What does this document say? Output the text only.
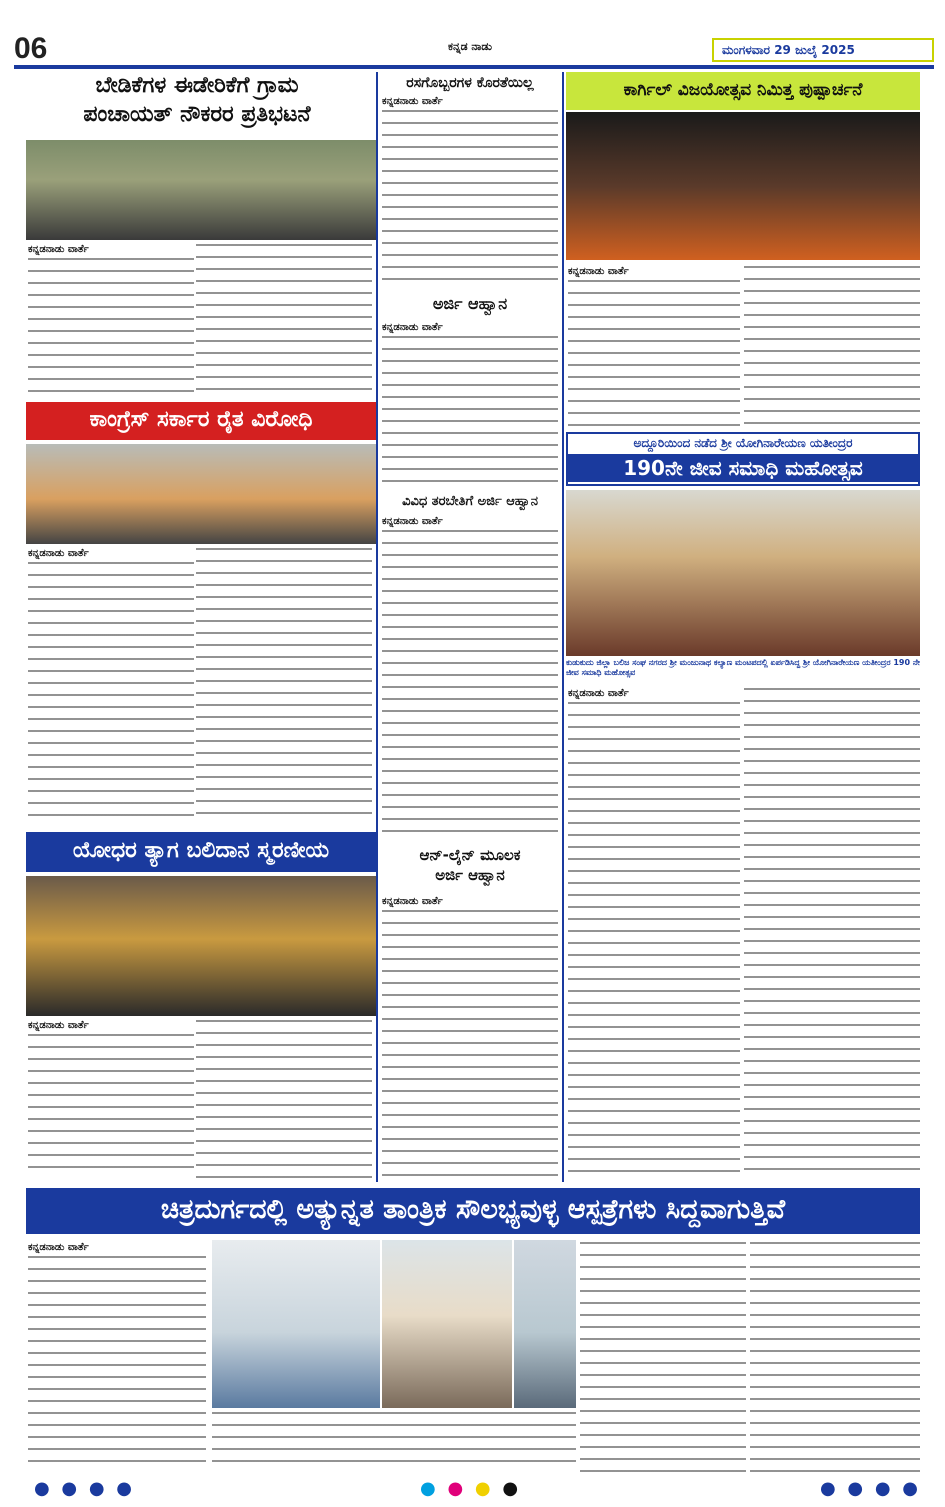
06	ಕನ್ನಡ ನಾಡು	ಮಂಗಳವಾರ 29 ಜುಲೈ 2025
ಬೇಡಿಕೆಗಳ ಈಡೇರಿಕೆಗೆ ಗ್ರಾಮ
ಪಂಚಾಯತ್ ನೌಕರರ ಪ್ರತಿಭಟನೆ
ಕನ್ನಡನಾಡು ವಾರ್ತೆ
ಕಾಂಗ್ರೆಸ್ ಸರ್ಕಾರ ರೈತ ವಿರೋಧಿ
ಕನ್ನಡನಾಡು ವಾರ್ತೆ
ಯೋಧರ ತ್ಯಾಗ ಬಲಿದಾನ ಸ್ಮರಣೀಯ
ಕನ್ನಡನಾಡು ವಾರ್ತೆ
ರಸಗೊಬ್ಬರಗಳ ಕೊರತೆಯಿಲ್ಲ
ಕನ್ನಡನಾಡು ವಾರ್ತೆ
ಅರ್ಜಿ ಆಹ್ವಾನ
ಕನ್ನಡನಾಡು ವಾರ್ತೆ
ವಿವಿಧ ತರಬೇತಿಗೆ ಅರ್ಜಿ ಆಹ್ವಾನ
ಕನ್ನಡನಾಡು ವಾರ್ತೆ
ಆನ್-ಲೈನ್ ಮೂಲಕ
ಅರ್ಜಿ ಆಹ್ವಾನ
ಕನ್ನಡನಾಡು ವಾರ್ತೆ
ಕಾರ್ಗಿಲ್ ವಿಜಯೋತ್ಸವ ನಿಮಿತ್ತ ಪುಷ್ಪಾರ್ಚನೆ
ಕನ್ನಡನಾಡು ವಾರ್ತೆ
ಅದ್ದೂರಿಯಿಂದ ನಡೆದ ಶ್ರೀ ಯೋಗಿನಾರೇಯಣ ಯತೀಂದ್ರರ
190ನೇ ಜೀವ ಸಮಾಧಿ ಮಹೋತ್ಸವ
ಕುಡುಕುದು ಜಿಲ್ಲಾ ಬಲಿಜ ಸಂಘ ನಗರದ ಶ್ರೀ ಮಂಜುನಾಥ ಕಲ್ಯಾಣ ಮಂಟಪದಲ್ಲಿ ಏರ್ಪಡಿಸಿದ್ದ ಶ್ರೀ ಯೋಗಿನಾರೇಯಣ ಯತೀಂದ್ರರ 190 ನೇ ಜೀವ ಸಮಾಧಿ ಮಹೋತ್ಸವ
ಕನ್ನಡನಾಡು ವಾರ್ತೆ
ಚಿತ್ರದುರ್ಗದಲ್ಲಿ ಅತ್ಯುನ್ನತ ತಾಂತ್ರಿಕ ಸೌಲಭ್ಯವುಳ್ಳ ಆಸ್ಪತ್ರೆಗಳು ಸಿದ್ದವಾಗುತ್ತಿವೆ
ಕನ್ನಡನಾಡು ವಾರ್ತೆ
● ● ● ●	● ● ● ●	● ● ● ●
